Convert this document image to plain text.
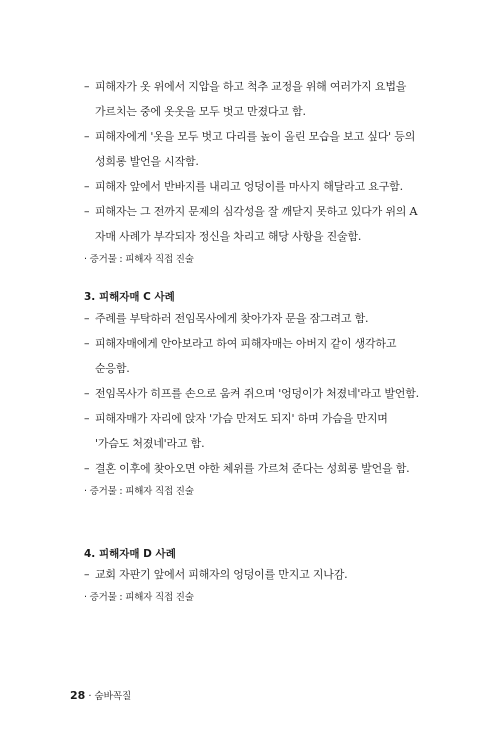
– 피해자가 옷 위에서 지압을 하고 척추 교정을 위해 여러가지 요법을 가르치는 중에 옷옷을 모두 벗고 만졌다고 함.
– 피해자에게 '옷을 모두 벗고 다리를 높이 올린 모습을 보고 싶다' 등의 성희롱 발언을 시작함.
– 피해자 앞에서 반바지를 내리고 엉덩이를 마사지 해달라고 요구함.
– 피해자는 그 전까지 문제의 심각성을 잘 깨닫지 못하고 있다가 위의 A 자매 사례가 부각되자 정신을 차리고 해당 사항을 진술함.
· 증거물 : 피해자 직접 진술
3. 피해자매 C 사례
– 주례를 부탁하러 전임목사에게 찾아가자 문을 잠그려고 함.
– 피해자매에게 안아보라고 하여 피해자매는 아버지 같이 생각하고 순응함.
– 전임목사가 히프를 손으로 움켜 쥐으며 '엉덩이가 처졌네'라고 발언함.
– 피해자매가 자리에 앉자 '가슴 만져도 되지' 하며 가슴을 만지며 '가슴도 처졌네'라고 함.
– 결혼 이후에 찾아오면 야한 체위를 가르쳐 준다는 성희롱 발언을 함.
· 증거물 : 피해자 직접 진술
4. 피해자매 D 사례
– 교회 자판기 앞에서 피해자의 엉덩이를 만지고 지나감.
· 증거물 : 피해자 직접 진술
28 · 숨바꼭질
